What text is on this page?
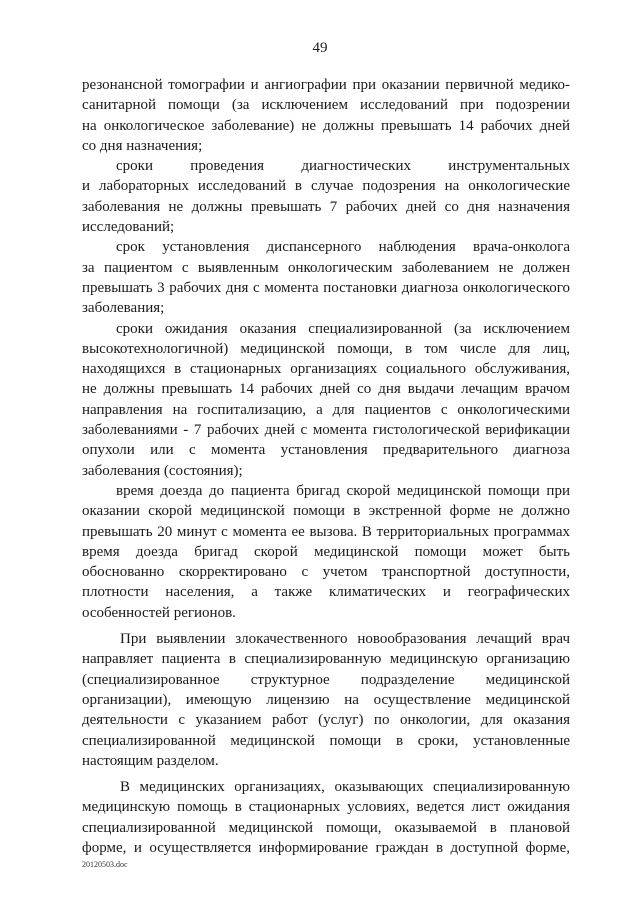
49
резонансной томографии и ангиографии при оказании первичной медико-
санитарной помощи (за исключением исследований при подозрении
на онкологическое заболевание) не должны превышать 14 рабочих дней
со дня назначения;
сроки проведения диагностических инструментальных
и лабораторных исследований в случае подозрения на онкологические
заболевания не должны превышать 7 рабочих дней со дня назначения
исследований;
срок установления диспансерного наблюдения врача-онколога
за пациентом с выявленным онкологическим заболеванием не должен
превышать 3 рабочих дня с момента постановки диагноза онкологического
заболевания;
сроки ожидания оказания специализированной (за исключением
высокотехнологичной) медицинской помощи, в том числе для лиц,
находящихся в стационарных организациях социального обслуживания,
не должны превышать 14 рабочих дней со дня выдачи лечащим врачом
направления на госпитализацию, а для пациентов с онкологическими
заболеваниями - 7 рабочих дней с момента гистологической верификации
опухоли или с момента установления предварительного диагноза
заболевания (состояния);
время доезда до пациента бригад скорой медицинской помощи при
оказании скорой медицинской помощи в экстренной форме не должно
превышать 20 минут с момента ее вызова. В территориальных программах
время доезда бригад скорой медицинской помощи может быть
обоснованно скорректировано с учетом транспортной доступности,
плотности населения, а также климатических и географических
особенностей регионов.
При выявлении злокачественного новообразования лечащий врач
направляет пациента в специализированную медицинскую организацию
(специализированное структурное подразделение медицинской
организации), имеющую лицензию на осуществление медицинской
деятельности с указанием работ (услуг) по онкологии, для оказания
специализированной медицинской помощи в сроки, установленные
настоящим разделом.
В медицинских организациях, оказывающих специализированную
медицинскую помощь в стационарных условиях, ведется лист ожидания
специализированной медицинской помощи, оказываемой в плановой
форме, и осуществляется информирование граждан в доступной форме,
20120503.doc
